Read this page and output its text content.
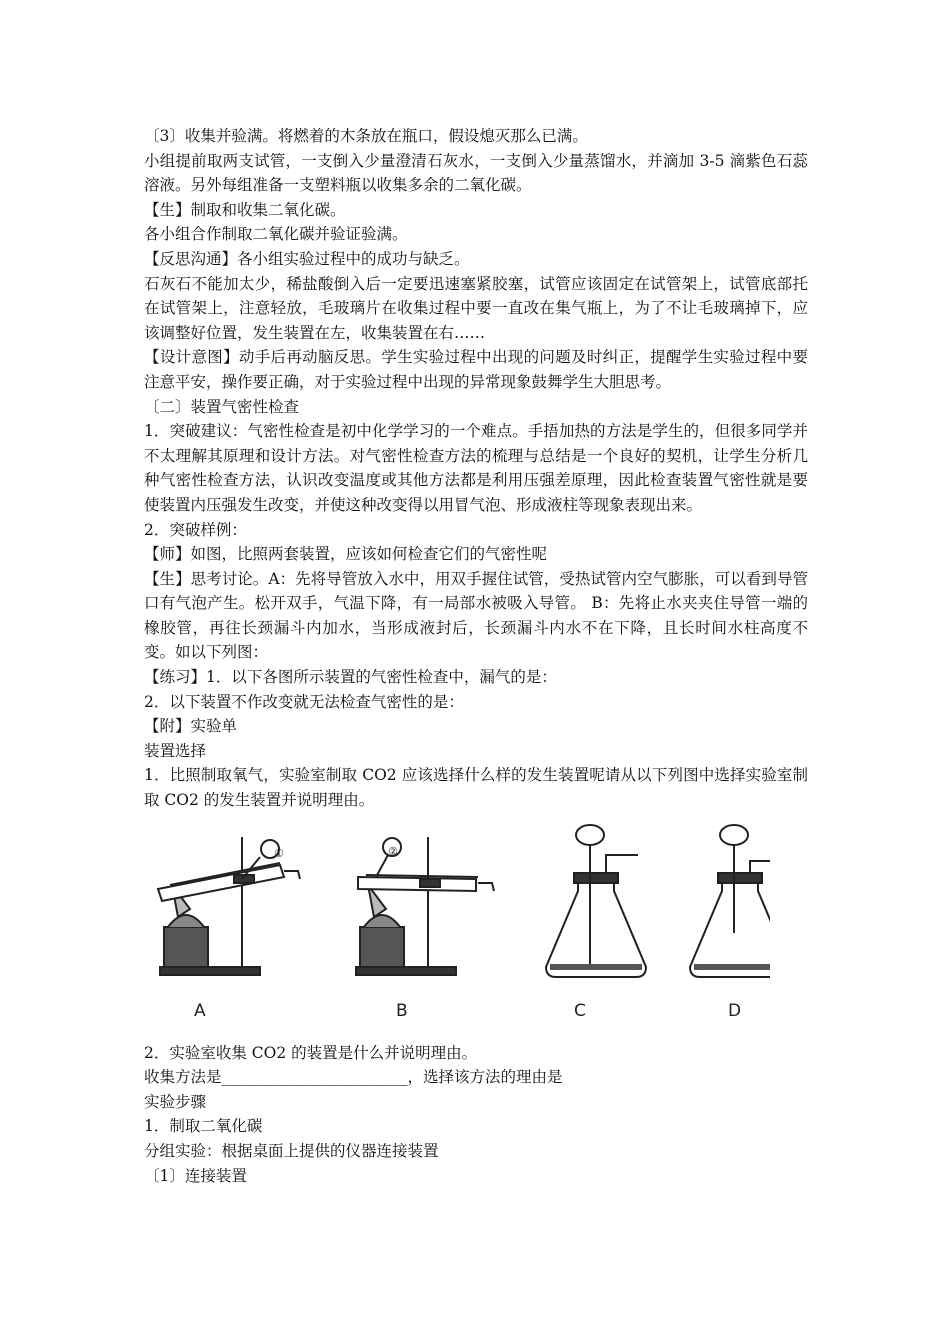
〔3〕收集并验满。将燃着的木条放在瓶口，假设熄灭那么已满。

小组提前取两支试管，一支倒入少量澄清石灰水，一支倒入少量蒸馏水，并滴加 3-5 滴紫色石蕊溶液。另外每组准备一支塑料瓶以收集多余的二氧化碳。

【生】制取和收集二氧化碳。

各小组合作制取二氧化碳并验证验满。

【反思沟通】各小组实验过程中的成功与缺乏。

石灰石不能加太少，稀盐酸倒入后一定要迅速塞紧胶塞，试管应该固定在试管架上，试管底部托在试管架上，注意轻放，毛玻璃片在收集过程中要一直改在集气瓶上，为了不让毛玻璃掉下，应该调整好位置，发生装置在左，收集装置在右……

【设计意图】动手后再动脑反思。学生实验过程中出现的问题及时纠正，提醒学生实验过程中要注意平安，操作要正确，对于实验过程中出现的异常现象鼓舞学生大胆思考。

〔二〕装置气密性检查

1．突破建议：气密性检查是初中化学学习的一个难点。手捂加热的方法是学生的，但很多同学并不太理解其原理和设计方法。对气密性检查方法的梳理与总结是一个良好的契机，让学生分析几种气密性检查方法，认识改变温度或其他方法都是利用压强差原理，因此检查装置气密性就是要使装置内压强发生改变，并使这种改变得以用冒气泡、形成液柱等现象表现出来。

2．突破样例：

【师】如图，比照两套装置，应该如何检查它们的气密性呢

【生】思考讨论。A：先将导管放入水中，用双手握住试管，受热试管内空气膨胀，可以看到导管口有气泡产生。松开双手，气温下降，有一局部水被吸入导管。 B：先将止水夹夹住导管一端的橡胶管，再往长颈漏斗内加水，当形成液封后，长颈漏斗内水不在下降，且长时间水柱高度不变。如以下列图：

【练习】1．以下各图所示装置的气密性检查中，漏气的是：

2．以下装置不作改变就无法检查气密性的是：

【附】实验单

装置选择

1．比照制取氧气，实验室制取 CO2 应该选择什么样的发生装置呢请从以下列图中选择实验室制取 CO2 的发生装置并说明理由。

①	②
A	B	C	D

2．实验室收集 CO2 的装置是什么并说明理由。

收集方法是________________________，选择该方法的理由是

实验步骤

1．制取二氧化碳

分组实验：根据桌面上提供的仪器连接装置

〔1〕连接装置
